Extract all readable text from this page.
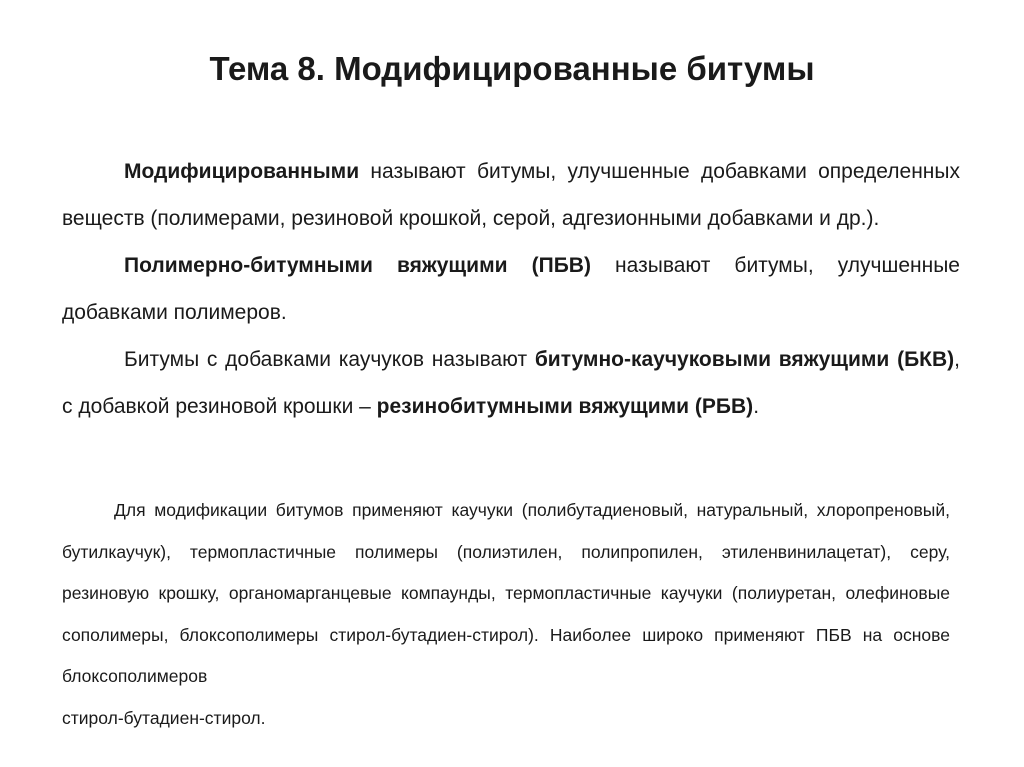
Тема 8. Модифицированные битумы

Модифицированными называют битумы, улучшенные добавками определенных веществ (полимерами, резиновой крошкой, серой, адгезионными добавками и др.).

Полимерно-битумными вяжущими (ПБВ) называют битумы, улучшенные добавками полимеров.

Битумы с добавками каучуков называют битумно-каучуковыми вяжущими (БКВ), с добавкой резиновой крошки – резинобитумными вяжущими (РБВ).

Для модификации битумов применяют каучуки (полибутадиеновый, натуральный, хлоропреновый, бутилкаучук), термопластичные полимеры (полиэтилен, полипропилен, этиленвинилацетат), серу, резиновую крошку, органомарганцевые компаунды, термопластичные каучуки (полиуретан, олефиновые сополимеры, блоксополимеры стирол-бутадиен-стирол). Наиболее широко применяют ПБВ на основе блоксополимеров

стирол-бутадиен-стирол.
